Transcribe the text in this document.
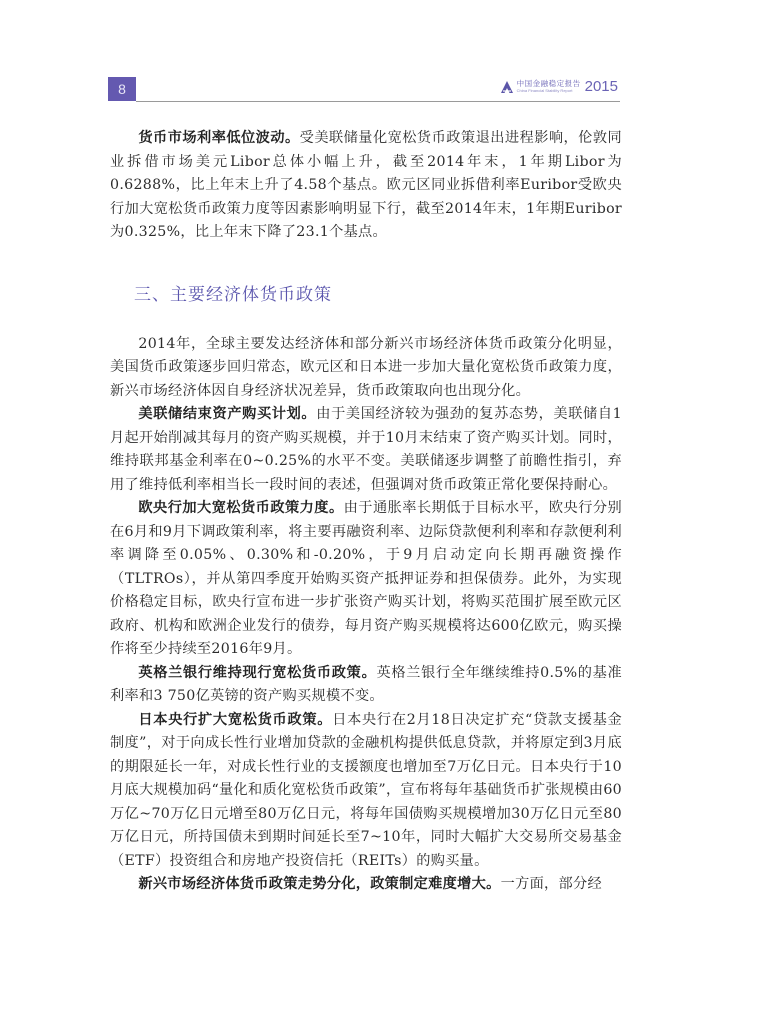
8	中国金融稳定报告
China Financial Stability Report 2015

货币市场利率低位波动。受美联储量化宽松货币政策退出进程影响，伦敦同业拆借市场美元Libor总体小幅上升，截至2014年末，1年期Libor为0.6288%，比上年末上升了4.58个基点。欧元区同业拆借利率Euribor受欧央行加大宽松货币政策力度等因素影响明显下行，截至2014年末，1年期Euribor为0.325%，比上年末下降了23.1个基点。

三、主要经济体货币政策

2014年，全球主要发达经济体和部分新兴市场经济体货币政策分化明显，美国货币政策逐步回归常态，欧元区和日本进一步加大量化宽松货币政策力度，新兴市场经济体因自身经济状况差异，货币政策取向也出现分化。

美联储结束资产购买计划。由于美国经济较为强劲的复苏态势，美联储自1月起开始削减其每月的资产购买规模，并于10月末结束了资产购买计划。同时，维持联邦基金利率在0~0.25%的水平不变。美联储逐步调整了前瞻性指引，弃用了维持低利率相当长一段时间的表述，但强调对货币政策正常化要保持耐心。

欧央行加大宽松货币政策力度。由于通胀率长期低于目标水平，欧央行分别在6月和9月下调政策利率，将主要再融资利率、边际贷款便利利率和存款便利利率调降至0.05%、0.30%和-0.20%，于9月启动定向长期再融资操作（TLTROs），并从第四季度开始购买资产抵押证券和担保债券。此外，为实现价格稳定目标，欧央行宣布进一步扩张资产购买计划，将购买范围扩展至欧元区政府、机构和欧洲企业发行的债券，每月资产购买规模将达600亿欧元，购买操作将至少持续至2016年9月。

英格兰银行维持现行宽松货币政策。英格兰银行全年继续维持0.5%的基准利率和3 750亿英镑的资产购买规模不变。

日本央行扩大宽松货币政策。日本央行在2月18日决定扩充“贷款支援基金制度”，对于向成长性行业增加贷款的金融机构提供低息贷款，并将原定到3月底的期限延长一年，对成长性行业的支援额度也增加至7万亿日元。日本央行于10月底大规模加码“量化和质化宽松货币政策”，宣布将每年基础货币扩张规模由60万亿~70万亿日元增至80万亿日元，将每年国债购买规模增加30万亿日元至80万亿日元，所持国债未到期时间延长至7~10年，同时大幅扩大交易所交易基金（ETF）投资组合和房地产投资信托（REITs）的购买量。

新兴市场经济体货币政策走势分化，政策制定难度增大。一方面，部分经
